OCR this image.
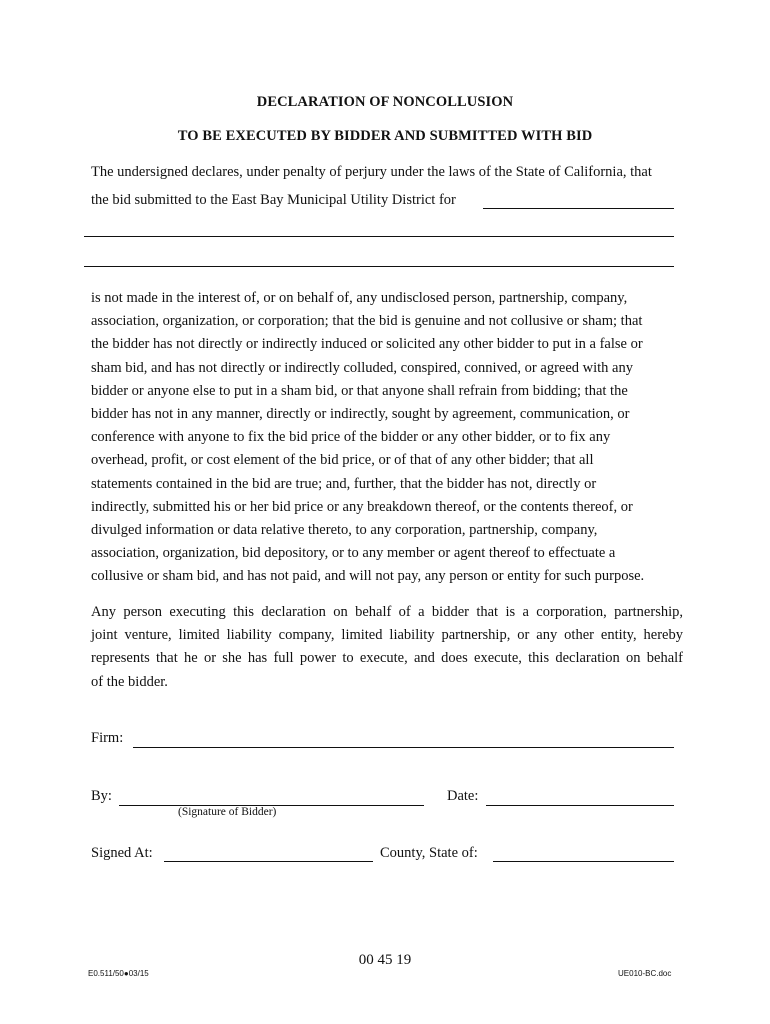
DECLARATION OF NONCOLLUSION
TO BE EXECUTED BY BIDDER AND SUBMITTED WITH BID
The undersigned declares, under penalty of perjury under the laws of the State of California, that
the bid submitted to the East Bay Municipal Utility District for
is not made in the interest of, or on behalf of, any undisclosed person, partnership, company,
association, organization, or corporation; that the bid is genuine and not collusive or sham; that
the bidder has not directly or indirectly induced or solicited any other bidder to put in a false or
sham bid, and has not directly or indirectly colluded, conspired, connived, or agreed with any
bidder or anyone else to put in a sham bid, or that anyone shall refrain from bidding; that the
bidder has not in any manner, directly or indirectly, sought by agreement, communication, or
conference with anyone to fix the bid price of the bidder or any other bidder, or to fix any
overhead, profit, or cost element of the bid price, or of that of any other bidder; that all
statements contained in the bid are true; and, further, that the bidder has not, directly or
indirectly, submitted his or her bid price or any breakdown thereof, or the contents thereof, or
divulged information or data relative thereto, to any corporation, partnership, company,
association, organization, bid depository, or to any member or agent thereof to effectuate a
collusive or sham bid, and has not paid, and will not pay, any person or entity for such purpose.
Any person executing this declaration on behalf of a bidder that is a corporation, partnership,
joint venture, limited liability company, limited liability partnership, or any other entity, hereby
represents that he or she has full power to execute, and does execute, this declaration on behalf
of the bidder.
Firm:
By:
(Signature of Bidder)
Date:
Signed At:	County, State of:
00 45 19
E0.511/50●03/15	UE010-BC.doc
